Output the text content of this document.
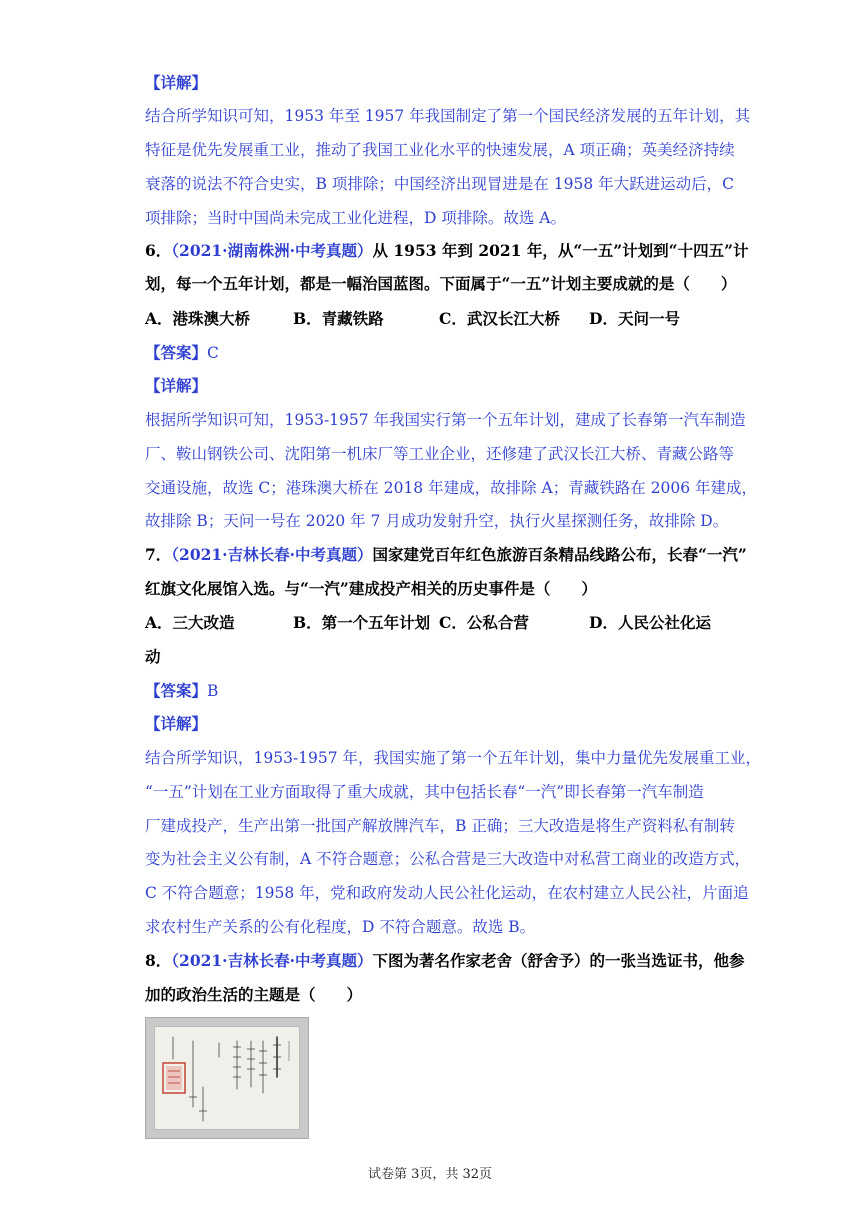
【详解】
结合所学知识可知，1953 年至 1957 年我国制定了第一个国民经济发展的五年计划，其
特征是优先发展重工业，推动了我国工业化水平的快速发展，A 项正确；英美经济持续
衰落的说法不符合史实，B 项排除；中国经济出现冒进是在 1958 年大跃进运动后，C
项排除；当时中国尚未完成工业化进程，D 项排除。故选 A。
6．（2021·湖南株洲·中考真题）从 1953 年到 2021 年，从“一五”计划到“十四五”计
划，每一个五年计划，都是一幅治国蓝图。下面属于“一五”计划主要成就的是（　　）
A．港珠澳大桥	B．青藏铁路	C．武汉长江大桥 D．天问一号
【答案】C
【详解】
根据所学知识可知，1953-1957 年我国实行第一个五年计划，建成了长春第一汽车制造
厂、鞍山钢铁公司、沈阳第一机床厂等工业企业，还修建了武汉长江大桥、青藏公路等
交通设施，故选 C；港珠澳大桥在 2018 年建成，故排除 A；青藏铁路在 2006 年建成，
故排除 B；天问一号在 2020 年 7 月成功发射升空，执行火星探测任务，故排除 D。
7．（2021·吉林长春·中考真题）国家建党百年红色旅游百条精品线路公布，长春“一汽”
红旗文化展馆入选。与“一汽”建成投产相关的历史事件是（　　）
A．三大改造	B．第一个五年计划 C．公私合营	D．人民公社化运
动
【答案】B
【详解】
结合所学知识，1953-1957 年，我国实施了第一个五年计划，集中力量优先发展重工业，
“一五”计划在工业方面取得了重大成就，其中包括长春“一汽”即长春第一汽车制造
厂建成投产，生产出第一批国产解放牌汽车，B 正确；三大改造是将生产资料私有制转
变为社会主义公有制，A 不符合题意；公私合营是三大改造中对私营工商业的改造方式，
C 不符合题意；1958 年，党和政府发动人民公社化运动，在农村建立人民公社，片面追
求农村生产关系的公有化程度，D 不符合题意。故选 B。
8．（2021·吉林长春·中考真题）下图为著名作家老舍（舒舍予）的一张当选证书，他参
加的政治生活的主题是（　　）
试卷第 3页，共 32页
